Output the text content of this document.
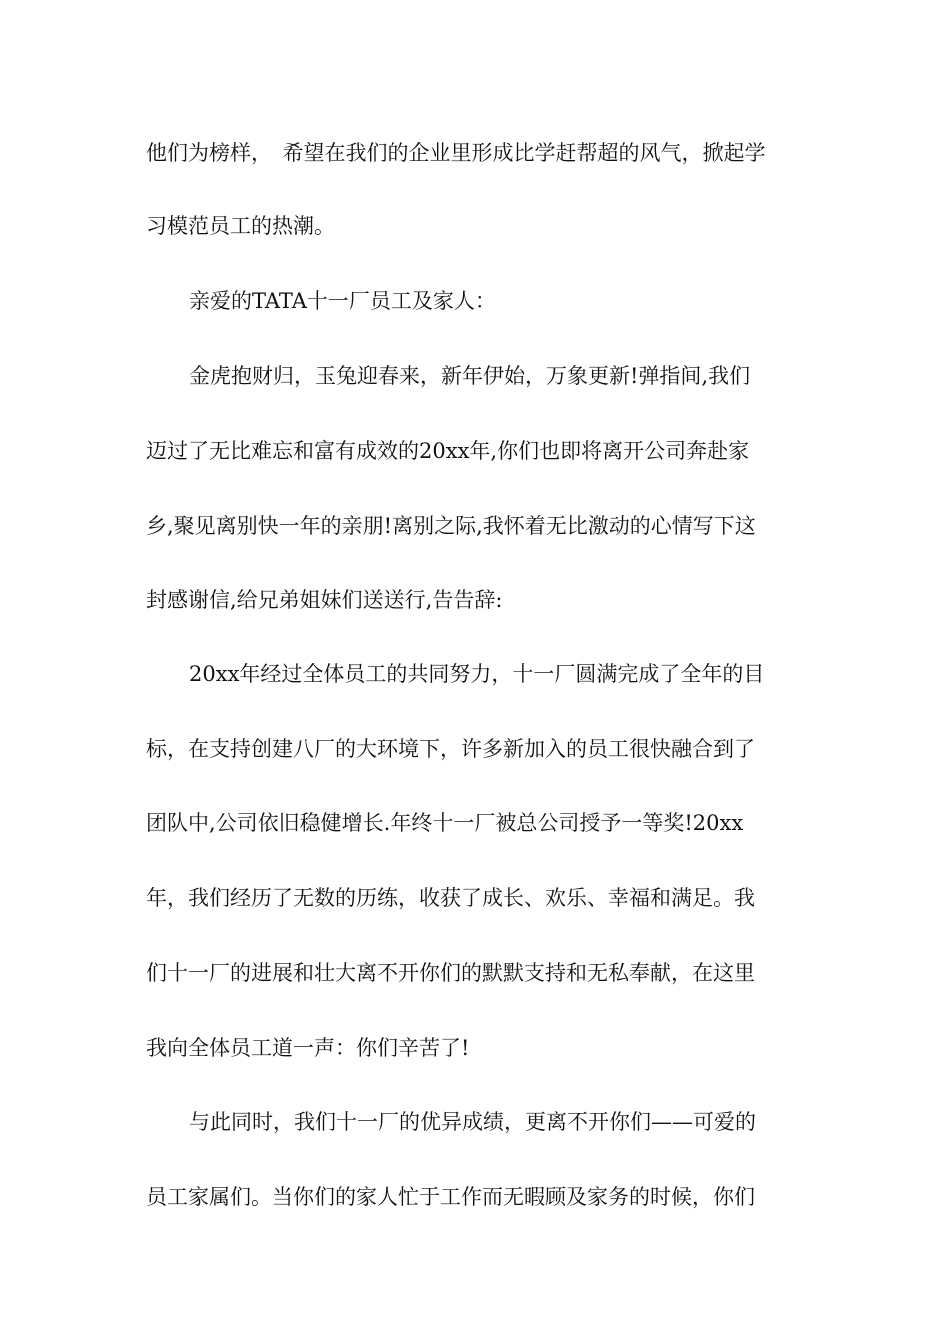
他们为榜样，　希望在我们的企业里形成比学赶帮超的风气，掀起学
习模范员工的热潮。
亲爱的TATA十一厂员工及家人：
金虎抱财归，玉兔迎春来，新年伊始，万象更新!弹指间,我们
迈过了无比难忘和富有成效的20xx年,你们也即将离开公司奔赴家
乡,聚见离别快一年的亲朋!离别之际,我怀着无比激动的心情写下这
封感谢信,给兄弟姐妹们送送行,告告辞:
20xx年经过全体员工的共同努力，十一厂圆满完成了全年的目
标，在支持创建八厂的大环境下，许多新加入的员工很快融合到了
团队中,公司依旧稳健增长.年终十一厂被总公司授予一等奖!20xx
年，我们经历了无数的历练，收获了成长、欢乐、幸福和满足。我
们十一厂的进展和壮大离不开你们的默默支持和无私奉献，在这里
我向全体员工道一声：你们辛苦了!
与此同时，我们十一厂的优异成绩，更离不开你们——可爱的
员工家属们。当你们的家人忙于工作而无暇顾及家务的时候，你们
